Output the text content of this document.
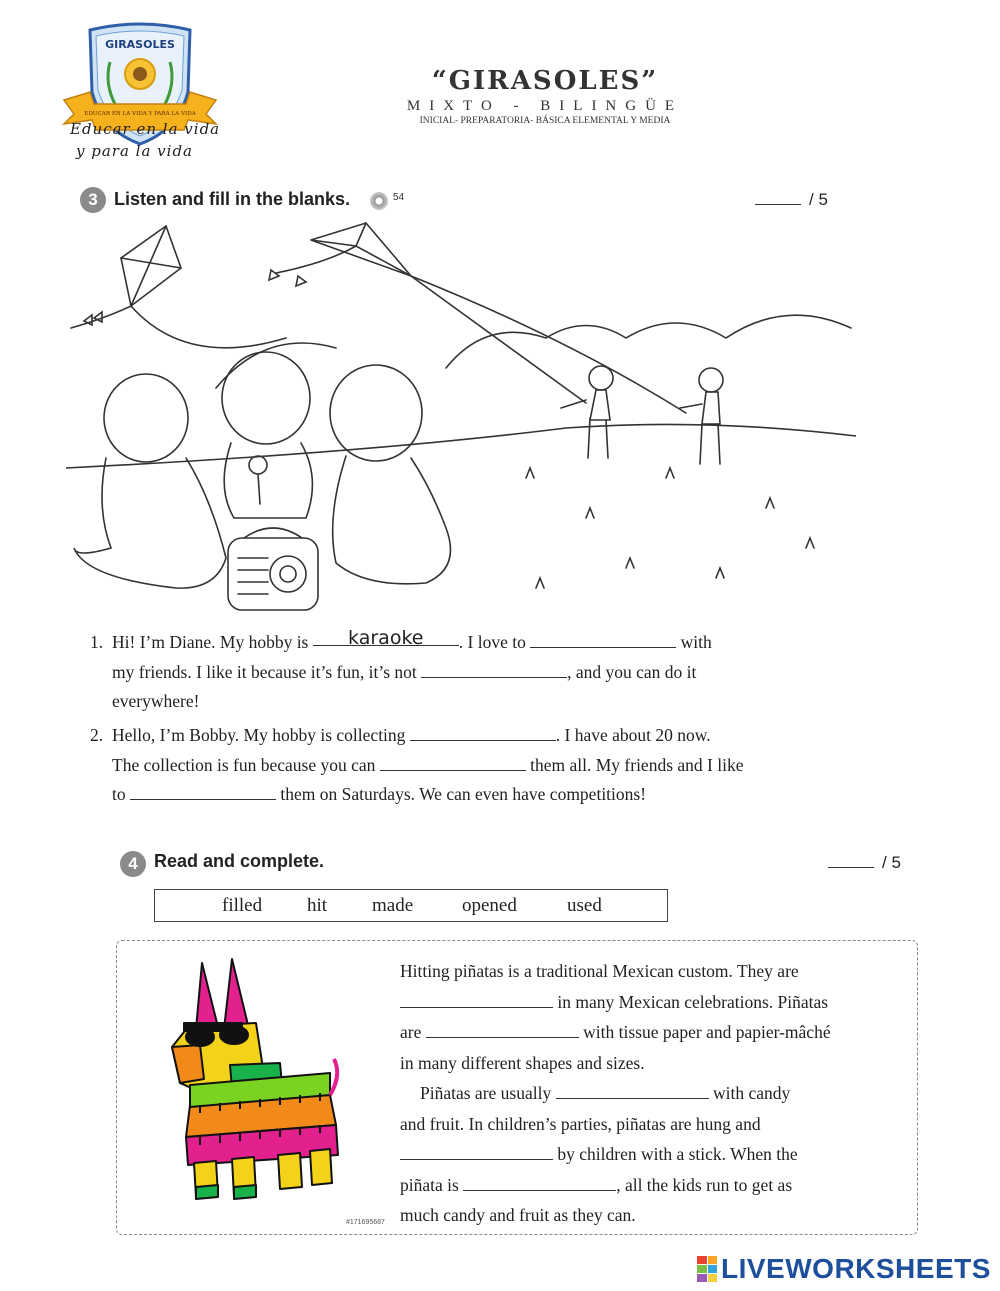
GIRASOLES
EDUCAR EN LA VIDA Y PARA LA VIDA
Educar en la vida
y para la vida
“GIRASOLES”
MIXTO - BILINGÜE
INICIAL- PREPARATORIA- BÁSICA ELEMENTAL Y MEDIA
3 Listen and fill in the blanks.	54	/ 5
1. Hi! I’m Diane. My hobby is karaoke . I love to	with
my friends. I like it because it’s fun, it’s not	, and you can do it
everywhere!
2. Hello, I’m Bobby. My hobby is collecting	. I have about 20 now.
The collection is fun because you can	them all. My friends and I like
to	them on Saturdays. We can even have competitions!
4 Read and complete.	/ 5
filled hit made	opened	used
#171695687
Hitting piñatas is a traditional Mexican custom. They are
in many Mexican celebrations. Piñatas
are	with tissue paper and papier-mâché
in many different shapes and sizes.
Piñatas are usually	with candy
and fruit. In children’s parties, piñatas are hung and
by children with a stick. When the
piñata is	, all the kids run to get as
much candy and fruit as they can.
LIVEWORKSHEETS
